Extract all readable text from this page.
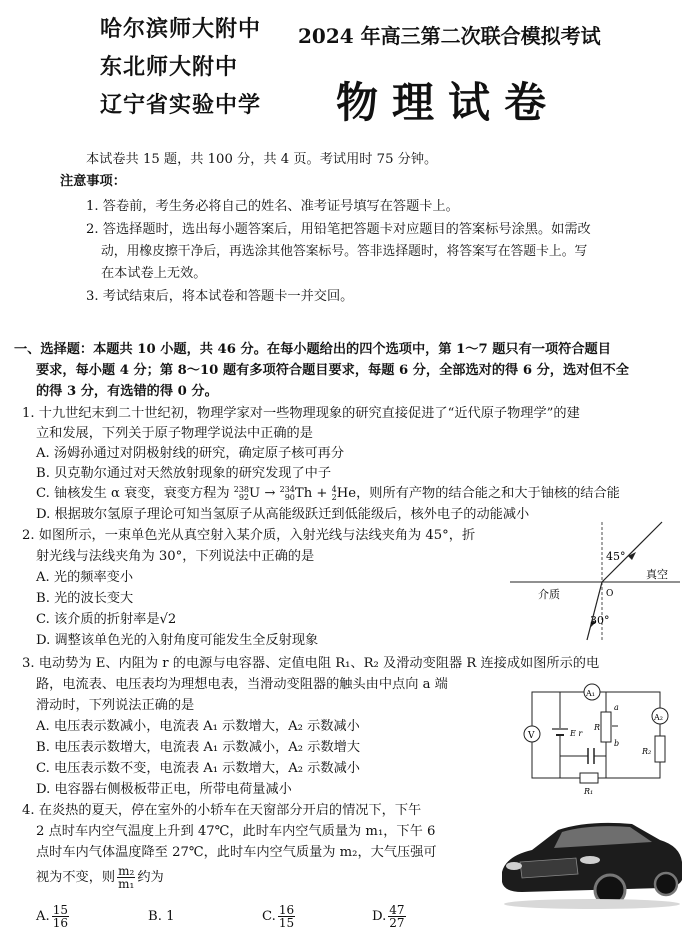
哈尔滨师大附中
东北师大附中
辽宁省实验中学
2024 年高三第二次联合模拟考试
物理试卷
本试卷共 15 题，共 100 分，共 4 页。考试用时 75 分钟。
注意事项：
1. 答卷前，考生务必将自己的姓名、准考证号填写在答题卡上。
2. 答选择题时，选出每小题答案后，用铅笔把答题卡对应题目的答案标号涂黑。如需改
动，用橡皮擦干净后，再选涂其他答案标号。答非选择题时，将答案写在答题卡上。写
在本试卷上无效。
3. 考试结束后，将本试卷和答题卡一并交回。
一、选择题：本题共 10 小题，共 46 分。在每小题给出的四个选项中，第 1～7 题只有一项符合题目
要求，每小题 4 分；第 8～10 题有多项符合题目要求，每题 6 分，全部选对的得 6 分，选对但不全
的得 3 分，有选错的得 0 分。
1. 十九世纪末到二十世纪初，物理学家对一些物理现象的研究直接促进了“近代原子物理学”的建
立和发展，下列关于原子物理学说法中正确的是
A. 汤姆孙通过对阴极射线的研究，确定原子核可再分
B. 贝克勒尔通过对天然放射现象的研究发现了中子
C. 铀核发生 α 衰变，衰变方程为 238
92U → 234
90Th + 4
2He，则所有产物的结合能之和大于铀核的结合能
D. 根据玻尔氢原子理论可知当氢原子从高能级跃迁到低能级后，核外电子的动能减小
2. 如图所示，一束单色光从真空射入某介质，入射光线与法线夹角为 45°，折
射光线与法线夹角为 30°，下列说法中正确的是
A. 光的频率变小
B. 光的波长变大
C. 该介质的折射率是√2
D. 调整该单色光的入射角度可能发生全反射现象
45°
O
30°
真空
介质
3. 电动势为 E、内阻为 r 的电源与电容器、定值电阻 R₁、R₂ 及滑动变阻器 R 连接成如图所示的电
路，电流表、电压表均为理想电表，当滑动变阻器的触头由中点向 a 端
滑动时，下列说法正确的是
A. 电压表示数减小，电流表 A₁ 示数增大，A₂ 示数减小
B. 电压表示数增大，电流表 A₁ 示数减小，A₂ 示数增大
C. 电压表示数不变，电流表 A₁ 示数增大，A₂ 示数减小
D. 电容器右侧极板带正电，所带电荷量减小
A₁
A₂
V	E r
R
a
b
R₂
R₁
4. 在炎热的夏天，停在室外的小轿车在天窗部分开启的情况下，下午
2 点时车内空气温度上升到 47℃，此时车内空气质量为 m₁，下午 6
点时车内气体温度降至 27℃，此时车内空气质量为 m₂，大气压强可
视为不变，则 $\frac{\text{m₂}}{\text{m₁}}$ 约为
A. $\frac{15}{16}$	B. 1	C. $\frac{16}{15}$	D. $\frac{47}{27}$
